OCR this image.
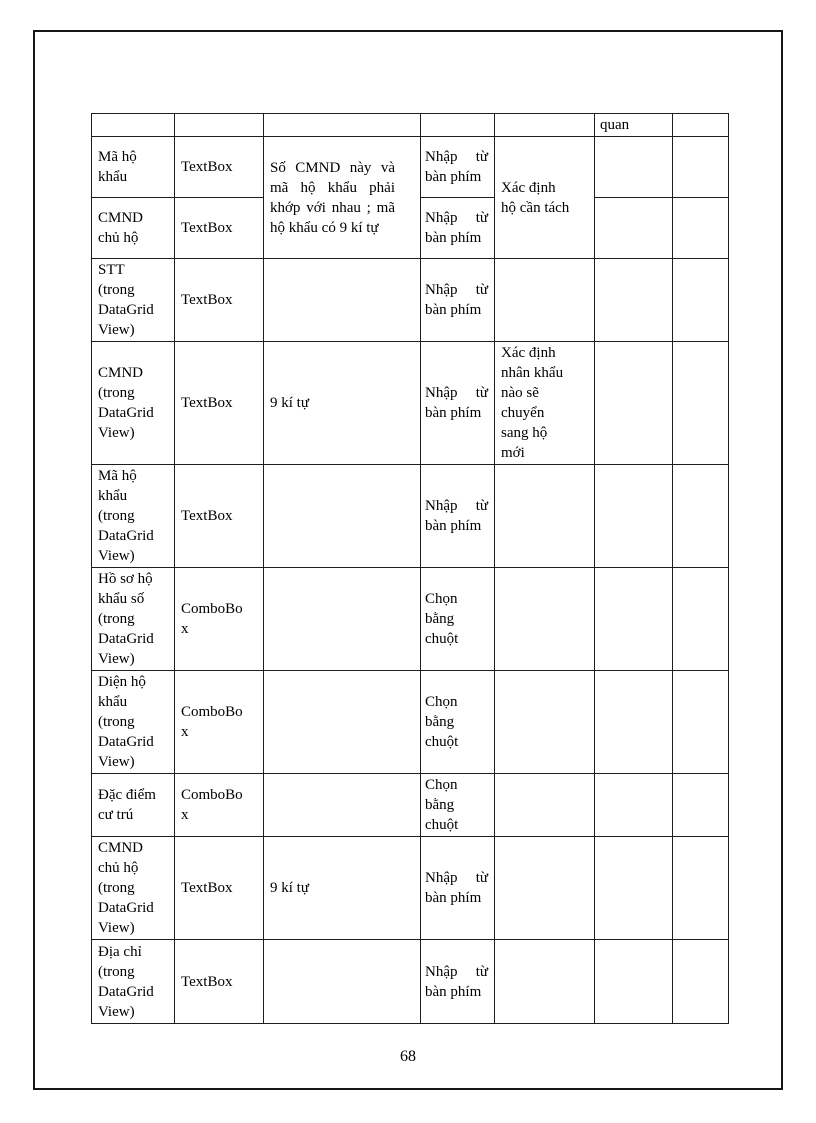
					quan	
Mã hộ khẩu	TextBox	Số CMND này và mã hộ khẩu phải khớp với nhau ; mã hộ khẩu có 9 kí tự	Nhập từ bàn phím	Xác định hộ cần tách		
CMND chủ hộ	TextBox		Nhập từ bàn phím			
STT (trong DataGrid View)	TextBox		Nhập từ bàn phím			
CMND (trong DataGrid View)	TextBox	9 kí tự	Nhập từ bàn phím	Xác định nhân khẩu nào sẽ chuyển sang hộ mới		
Mã hộ khẩu (trong DataGrid View)	TextBox		Nhập từ bàn phím			
Hồ sơ hộ khẩu số (trong DataGrid View)	ComboBox		Chọn bằng chuột			
Diện hộ khẩu (trong DataGrid View)	ComboBox		Chọn bằng chuột			
Đặc điểm cư trú	ComboBox		Chọn bằng chuột			
CMND chủ hộ (trong DataGrid View)	TextBox	9 kí tự	Nhập từ bàn phím			
Địa chỉ (trong DataGrid View)	TextBox		Nhập từ bàn phím			
68
